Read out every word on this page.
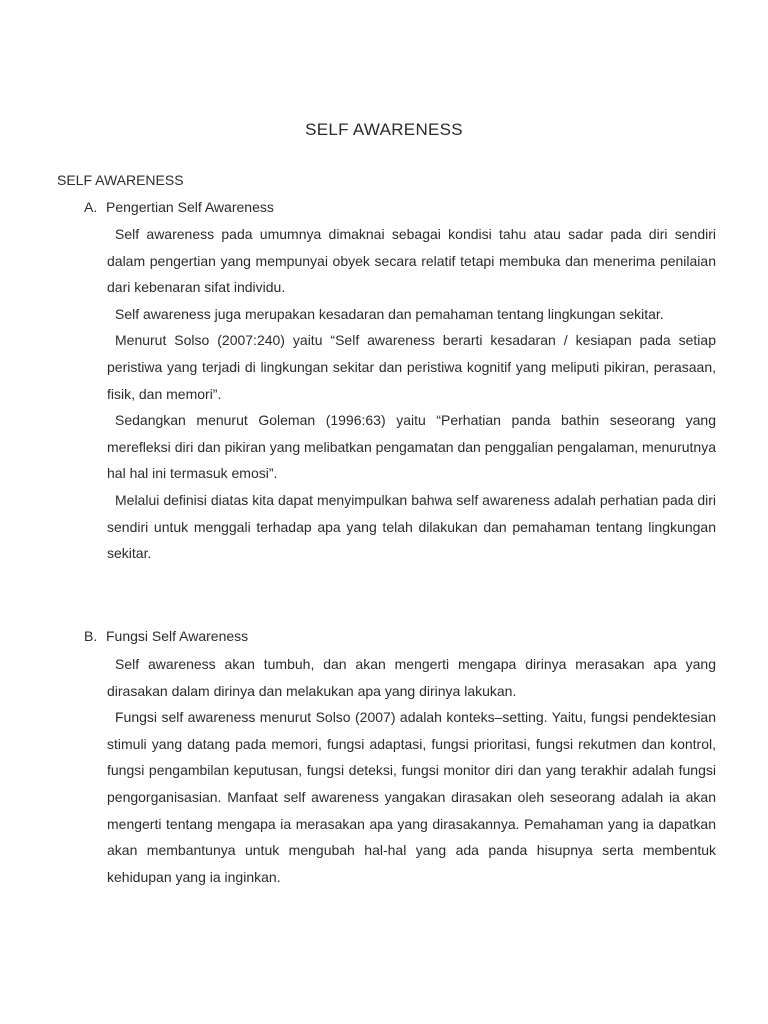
SELF AWARENESS
SELF AWARENESS
A. Pengertian Self Awareness

Self awareness pada umumnya dimaknai sebagai kondisi tahu atau sadar pada diri sendiri dalam pengertian yang mempunyai obyek secara relatif tetapi membuka dan menerima penilaian dari kebenaran sifat individu.

Self awareness juga merupakan kesadaran dan pemahaman tentang lingkungan sekitar.

Menurut Solso (2007:240) yaitu “Self awareness berarti kesadaran / kesiapan pada setiap peristiwa yang terjadi di lingkungan sekitar dan peristiwa kognitif yang meliputi pikiran, perasaan, fisik, dan memori”.

Sedangkan menurut Goleman (1996:63) yaitu “Perhatian panda bathin seseorang yang merefleksi diri dan pikiran yang melibatkan pengamatan dan penggalian pengalaman, menurutnya hal hal ini termasuk emosi”.

Melalui definisi diatas kita dapat menyimpulkan bahwa self awareness adalah perhatian pada diri sendiri untuk menggali terhadap apa yang telah dilakukan dan pemahaman tentang lingkungan sekitar.

B. Fungsi Self Awareness

Self awareness akan tumbuh, dan akan mengerti mengapa dirinya merasakan apa yang dirasakan dalam dirinya dan melakukan apa yang dirinya lakukan.

Fungsi self awareness menurut Solso (2007) adalah konteks–setting. Yaitu, fungsi pendektesian stimuli yang datang pada memori, fungsi adaptasi, fungsi prioritasi, fungsi rekutmen dan kontrol, fungsi pengambilan keputusan, fungsi deteksi, fungsi monitor diri dan yang terakhir adalah fungsi pengorganisasian. Manfaat self awareness yangakan dirasakan oleh seseorang adalah ia akan mengerti tentang mengapa ia merasakan apa yang dirasakannya. Pemahaman yang ia dapatkan akan membantunya untuk mengubah hal-hal yang ada panda hisupnya serta membentuk kehidupan yang ia inginkan.
